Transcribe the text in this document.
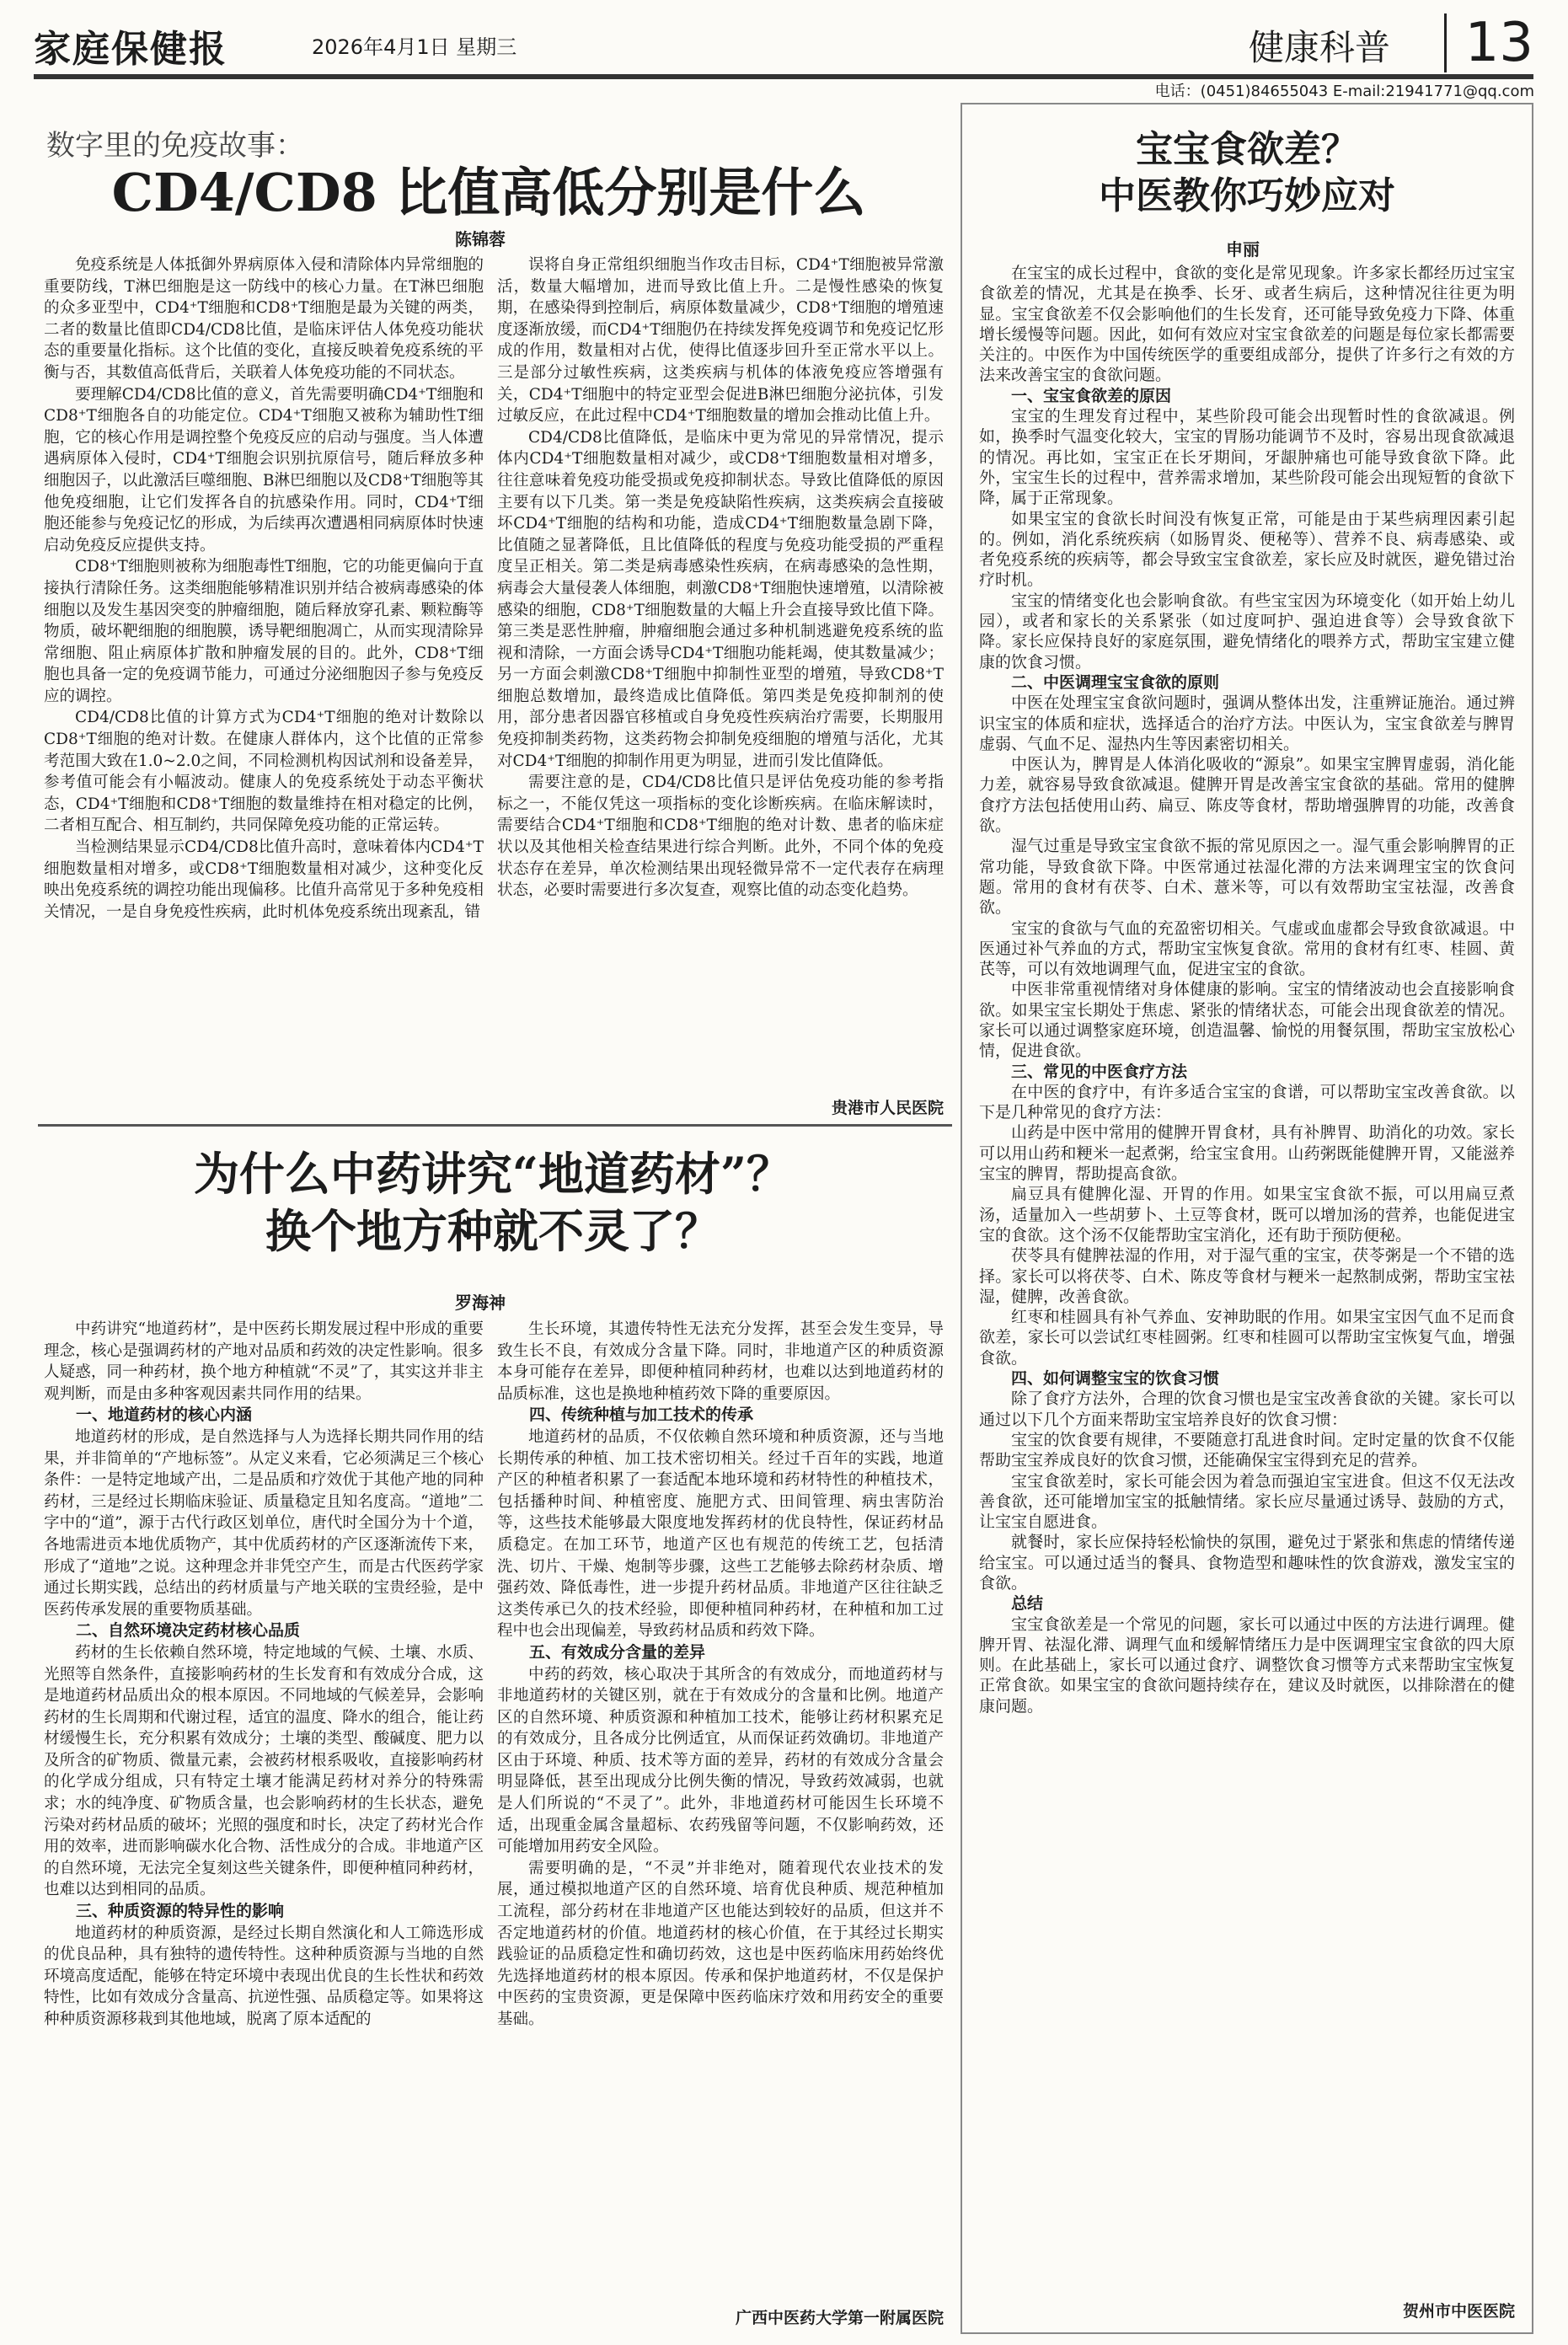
家庭保健报	2026年4月1日 星期三	健康科普	13
电话：(0451)84655043 E-mail:21941771@qq.com
数字里的免疫故事：
CD4/CD8 比值高低分别是什么
陈锦蓉

免疫系统是人体抵御外界病原体入侵和清除体内异常细胞的重要防线，T淋巴细胞是这一防线中的核心力量。在T淋巴细胞的众多亚型中，CD4⁺T细胞和CD8⁺T细胞是最为关键的两类，二者的数量比值即CD4/CD8比值，是临床评估人体免疫功能状态的重要量化指标。这个比值的变化，直接反映着免疫系统的平衡与否，其数值高低背后，关联着人体免疫功能的不同状态。

要理解CD4/CD8比值的意义，首先需要明确CD4⁺T细胞和CD8⁺T细胞各自的功能定位。CD4⁺T细胞又被称为辅助性T细胞，它的核心作用是调控整个免疫反应的启动与强度。当人体遭遇病原体入侵时，CD4⁺T细胞会识别抗原信号，随后释放多种细胞因子，以此激活巨噬细胞、B淋巴细胞以及CD8⁺T细胞等其他免疫细胞，让它们发挥各自的抗感染作用。同时，CD4⁺T细胞还能参与免疫记忆的形成，为后续再次遭遇相同病原体时快速启动免疫反应提供支持。

CD8⁺T细胞则被称为细胞毒性T细胞，它的功能更偏向于直接执行清除任务。这类细胞能够精准识别并结合被病毒感染的体细胞以及发生基因突变的肿瘤细胞，随后释放穿孔素、颗粒酶等物质，破坏靶细胞的细胞膜，诱导靶细胞凋亡，从而实现清除异常细胞、阻止病原体扩散和肿瘤发展的目的。此外，CD8⁺T细胞也具备一定的免疫调节能力，可通过分泌细胞因子参与免疫反应的调控。

CD4/CD8比值的计算方式为CD4⁺T细胞的绝对计数除以CD8⁺T细胞的绝对计数。在健康人群体内，这个比值的正常参考范围大致在1.0~2.0之间，不同检测机构因试剂和设备差异，参考值可能会有小幅波动。健康人的免疫系统处于动态平衡状态，CD4⁺T细胞和CD8⁺T细胞的数量维持在相对稳定的比例，二者相互配合、相互制约，共同保障免疫功能的正常运转。

当检测结果显示CD4/CD8比值升高时，意味着体内CD4⁺T细胞数量相对增多，或CD8⁺T细胞数量相对减少，这种变化反映出免疫系统的调控功能出现偏移。比值升高常见于多种免疫相关情况，一是自身免疫性疾病，此时机体免疫系统出现紊乱，错

误将自身正常组织细胞当作攻击目标，CD4⁺T细胞被异常激活，数量大幅增加，进而导致比值上升。二是慢性感染的恢复期，在感染得到控制后，病原体数量减少，CD8⁺T细胞的增殖速度逐渐放缓，而CD4⁺T细胞仍在持续发挥免疫调节和免疫记忆形成的作用，数量相对占优，使得比值逐步回升至正常水平以上。三是部分过敏性疾病，这类疾病与机体的体液免疫应答增强有关，CD4⁺T细胞中的特定亚型会促进B淋巴细胞分泌抗体，引发过敏反应，在此过程中CD4⁺T细胞数量的增加会推动比值上升。

CD4/CD8比值降低，是临床中更为常见的异常情况，提示体内CD4⁺T细胞数量相对减少，或CD8⁺T细胞数量相对增多，往往意味着免疫功能受损或免疫抑制状态。导致比值降低的原因主要有以下几类。第一类是免疫缺陷性疾病，这类疾病会直接破坏CD4⁺T细胞的结构和功能，造成CD4⁺T细胞数量急剧下降，比值随之显著降低，且比值降低的程度与免疫功能受损的严重程度呈正相关。第二类是病毒感染性疾病，在病毒感染的急性期，病毒会大量侵袭人体细胞，刺激CD8⁺T细胞快速增殖，以清除被感染的细胞，CD8⁺T细胞数量的大幅上升会直接导致比值下降。第三类是恶性肿瘤，肿瘤细胞会通过多种机制逃避免疫系统的监视和清除，一方面会诱导CD4⁺T细胞功能耗竭，使其数量减少；另一方面会刺激CD8⁺T细胞中抑制性亚型的增殖，导致CD8⁺T细胞总数增加，最终造成比值降低。第四类是免疫抑制剂的使用，部分患者因器官移植或自身免疫性疾病治疗需要，长期服用免疫抑制类药物，这类药物会抑制免疫细胞的增殖与活化，尤其对CD4⁺T细胞的抑制作用更为明显，进而引发比值降低。

需要注意的是，CD4/CD8比值只是评估免疫功能的参考指标之一，不能仅凭这一项指标的变化诊断疾病。在临床解读时，需要结合CD4⁺T细胞和CD8⁺T细胞的绝对计数、患者的临床症状以及其他相关检查结果进行综合判断。此外，不同个体的免疫状态存在差异，单次检测结果出现轻微异常不一定代表存在病理状态，必要时需要进行多次复查，观察比值的动态变化趋势。

贵港市人民医院
为什么中药讲究“地道药材”？
换个地方种就不灵了？
罗海神

中药讲究“地道药材”，是中医药长期发展过程中形成的重要理念，核心是强调药材的产地对品质和药效的决定性影响。很多人疑惑，同一种药材，换个地方种植就“不灵”了，其实这并非主观判断，而是由多种客观因素共同作用的结果。

一、地道药材的核心内涵

地道药材的形成，是自然选择与人为选择长期共同作用的结果，并非简单的“产地标签”。从定义来看，它必须满足三个核心条件：一是特定地域产出，二是品质和疗效优于其他产地的同种药材，三是经过长期临床验证、质量稳定且知名度高。“道地”二字中的“道”，源于古代行政区划单位，唐代时全国分为十个道，各地需进贡本地优质物产，其中优质药材的产区逐渐流传下来，形成了“道地”之说。这种理念并非凭空产生，而是古代医药学家通过长期实践，总结出的药材质量与产地关联的宝贵经验，是中医药传承发展的重要物质基础。

二、自然环境决定药材核心品质

药材的生长依赖自然环境，特定地域的气候、土壤、水质、光照等自然条件，直接影响药材的生长发育和有效成分合成，这是地道药材品质出众的根本原因。不同地域的气候差异，会影响药材的生长周期和代谢过程，适宜的温度、降水的组合，能让药材缓慢生长，充分积累有效成分；土壤的类型、酸碱度、肥力以及所含的矿物质、微量元素，会被药材根系吸收，直接影响药材的化学成分组成，只有特定土壤才能满足药材对养分的特殊需求；水的纯净度、矿物质含量，也会影响药材的生长状态，避免污染对药材品质的破坏；光照的强度和时长，决定了药材光合作用的效率，进而影响碳水化合物、活性成分的合成。非地道产区的自然环境，无法完全复刻这些关键条件，即便种植同种药材，也难以达到相同的品质。

三、种质资源的特异性的影响

地道药材的种质资源，是经过长期自然演化和人工筛选形成的优良品种，具有独特的遗传特性。这种种质资源与当地的自然环境高度适配，能够在特定环境中表现出优良的生长性状和药效特性，比如有效成分含量高、抗逆性强、品质稳定等。如果将这种种质资源移栽到其他地域，脱离了原本适配的

生长环境，其遗传特性无法充分发挥，甚至会发生变异，导致生长不良，有效成分含量下降。同时，非地道产区的种质资源本身可能存在差异，即便种植同种药材，也难以达到地道药材的品质标准，这也是换地种植药效下降的重要原因。

四、传统种植与加工技术的传承

地道药材的品质，不仅依赖自然环境和种质资源，还与当地长期传承的种植、加工技术密切相关。经过千百年的实践，地道产区的种植者积累了一套适配本地环境和药材特性的种植技术，包括播种时间、种植密度、施肥方式、田间管理、病虫害防治等，这些技术能够最大限度地发挥药材的优良特性，保证药材品质稳定。在加工环节，地道产区也有规范的传统工艺，包括清洗、切片、干燥、炮制等步骤，这些工艺能够去除药材杂质、增强药效、降低毒性，进一步提升药材品质。非地道产区往往缺乏这类传承已久的技术经验，即便种植同种药材，在种植和加工过程中也会出现偏差，导致药材品质和药效下降。

五、有效成分含量的差异

中药的药效，核心取决于其所含的有效成分，而地道药材与非地道药材的关键区别，就在于有效成分的含量和比例。地道产区的自然环境、种质资源和种植加工技术，能够让药材积累充足的有效成分，且各成分比例适宜，从而保证药效确切。非地道产区由于环境、种质、技术等方面的差异，药材的有效成分含量会明显降低，甚至出现成分比例失衡的情况，导致药效减弱，也就是人们所说的“不灵了”。此外，非地道药材可能因生长环境不适，出现重金属含量超标、农药残留等问题，不仅影响药效，还可能增加用药安全风险。

需要明确的是，“不灵”并非绝对，随着现代农业技术的发展，通过模拟地道产区的自然环境、培育优良种质、规范种植加工流程，部分药材在非地道产区也能达到较好的品质，但这并不否定地道药材的价值。地道药材的核心价值，在于其经过长期实践验证的品质稳定性和确切药效，这也是中医药临床用药始终优先选择地道药材的根本原因。传承和保护地道药材，不仅是保护中医药的宝贵资源，更是保障中医药临床疗效和用药安全的重要基础。

广西中医药大学第一附属医院
宝宝食欲差？
中医教你巧妙应对
申丽

在宝宝的成长过程中，食欲的变化是常见现象。许多家长都经历过宝宝食欲差的情况，尤其是在换季、长牙、或者生病后，这种情况往往更为明显。宝宝食欲差不仅会影响他们的生长发育，还可能导致免疫力下降、体重增长缓慢等问题。因此，如何有效应对宝宝食欲差的问题是每位家长都需要关注的。中医作为中国传统医学的重要组成部分，提供了许多行之有效的方法来改善宝宝的食欲问题。

一、宝宝食欲差的原因

宝宝的生理发育过程中，某些阶段可能会出现暂时性的食欲减退。例如，换季时气温变化较大，宝宝的胃肠功能调节不及时，容易出现食欲减退的情况。再比如，宝宝正在长牙期间，牙龈肿痛也可能导致食欲下降。此外，宝宝生长的过程中，营养需求增加，某些阶段可能会出现短暂的食欲下降，属于正常现象。

如果宝宝的食欲长时间没有恢复正常，可能是由于某些病理因素引起的。例如，消化系统疾病（如肠胃炎、便秘等）、营养不良、病毒感染、或者免疫系统的疾病等，都会导致宝宝食欲差，家长应及时就医，避免错过治疗时机。

宝宝的情绪变化也会影响食欲。有些宝宝因为环境变化（如开始上幼儿园），或者和家长的关系紧张（如过度呵护、强迫进食等）会导致食欲下降。家长应保持良好的家庭氛围，避免情绪化的喂养方式，帮助宝宝建立健康的饮食习惯。

二、中医调理宝宝食欲的原则

中医在处理宝宝食欲问题时，强调从整体出发，注重辨证施治。通过辨识宝宝的体质和症状，选择适合的治疗方法。中医认为，宝宝食欲差与脾胃虚弱、气血不足、湿热内生等因素密切相关。

中医认为，脾胃是人体消化吸收的“源泉”。如果宝宝脾胃虚弱，消化能力差，就容易导致食欲减退。健脾开胃是改善宝宝食欲的基础。常用的健脾食疗方法包括使用山药、扁豆、陈皮等食材，帮助增强脾胃的功能，改善食欲。

湿气过重是导致宝宝食欲不振的常见原因之一。湿气重会影响脾胃的正常功能，导致食欲下降。中医常通过祛湿化滞的方法来调理宝宝的饮食问题。常用的食材有茯苓、白术、薏米等，可以有效帮助宝宝祛湿，改善食欲。

宝宝的食欲与气血的充盈密切相关。气虚或血虚都会导致食欲减退。中医通过补气养血的方式，帮助宝宝恢复食欲。常用的食材有红枣、桂圆、黄芪等，可以有效地调理气血，促进宝宝的食欲。

中医非常重视情绪对身体健康的影响。宝宝的情绪波动也会直接影响食欲。如果宝宝长期处于焦虑、紧张的情绪状态，可能会出现食欲差的情况。家长可以通过调整家庭环境，创造温馨、愉悦的用餐氛围，帮助宝宝放松心情，促进食欲。

三、常见的中医食疗方法

在中医的食疗中，有许多适合宝宝的食谱，可以帮助宝宝改善食欲。以下是几种常见的食疗方法：

山药是中医中常用的健脾开胃食材，具有补脾胃、助消化的功效。家长可以用山药和粳米一起煮粥，给宝宝食用。山药粥既能健脾开胃，又能滋养宝宝的脾胃，帮助提高食欲。

扁豆具有健脾化湿、开胃的作用。如果宝宝食欲不振，可以用扁豆煮汤，适量加入一些胡萝卜、土豆等食材，既可以增加汤的营养，也能促进宝宝的食欲。这个汤不仅能帮助宝宝消化，还有助于预防便秘。

茯苓具有健脾祛湿的作用，对于湿气重的宝宝，茯苓粥是一个不错的选择。家长可以将茯苓、白术、陈皮等食材与粳米一起熬制成粥，帮助宝宝祛湿，健脾，改善食欲。

红枣和桂圆具有补气养血、安神助眠的作用。如果宝宝因气血不足而食欲差，家长可以尝试红枣桂圆粥。红枣和桂圆可以帮助宝宝恢复气血，增强食欲。

四、如何调整宝宝的饮食习惯

除了食疗方法外，合理的饮食习惯也是宝宝改善食欲的关键。家长可以通过以下几个方面来帮助宝宝培养良好的饮食习惯：

宝宝的饮食要有规律，不要随意打乱进食时间。定时定量的饮食不仅能帮助宝宝养成良好的饮食习惯，还能确保宝宝得到充足的营养。

宝宝食欲差时，家长可能会因为着急而强迫宝宝进食。但这不仅无法改善食欲，还可能增加宝宝的抵触情绪。家长应尽量通过诱导、鼓励的方式，让宝宝自愿进食。

就餐时，家长应保持轻松愉快的氛围，避免过于紧张和焦虑的情绪传递给宝宝。可以通过适当的餐具、食物造型和趣味性的饮食游戏，激发宝宝的食欲。

总结

宝宝食欲差是一个常见的问题，家长可以通过中医的方法进行调理。健脾开胃、祛湿化滞、调理气血和缓解情绪压力是中医调理宝宝食欲的四大原则。在此基础上，家长可以通过食疗、调整饮食习惯等方式来帮助宝宝恢复正常食欲。如果宝宝的食欲问题持续存在，建议及时就医，以排除潜在的健康问题。

贺州市中医医院
